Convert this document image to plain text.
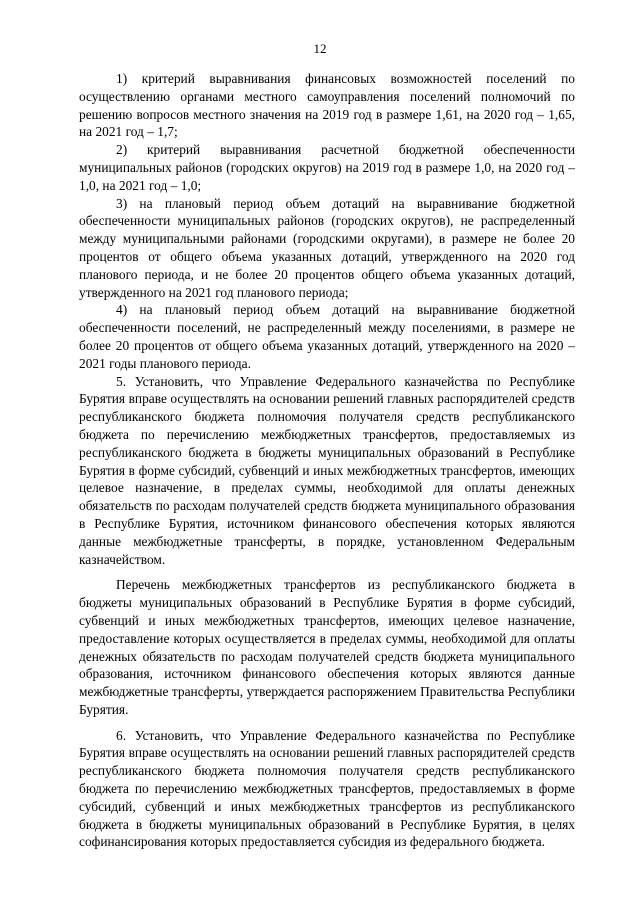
12

1) критерий выравнивания финансовых возможностей поселений по осуществлению органами местного самоуправления поселений полномочий по решению вопросов местного значения на 2019 год в размере 1,61, на 2020 год – 1,65, на 2021 год – 1,7;

2) критерий выравнивания расчетной бюджетной обеспеченности муниципальных районов (городских округов) на 2019 год в размере 1,0, на 2020 год – 1,0, на 2021 год – 1,0;

3) на плановый период объем дотаций на выравнивание бюджетной обеспеченности муниципальных районов (городских округов), не распределенный между муниципальными районами (городскими округами), в размере не более 20 процентов от общего объема указанных дотаций, утвержденного на 2020 год планового периода, и не более 20 процентов общего объема указанных дотаций, утвержденного на 2021 год планового периода;

4) на плановый период объем дотаций на выравнивание бюджетной обеспеченности поселений, не распределенный между поселениями, в размере не более 20 процентов от общего объема указанных дотаций, утвержденного на 2020 – 2021 годы планового периода.

5. Установить, что Управление Федерального казначейства по Республике Бурятия вправе осуществлять на основании решений главных распорядителей средств республиканского бюджета полномочия получателя средств республиканского бюджета по перечислению межбюджетных трансфертов, предоставляемых из республиканского бюджета в бюджеты муниципальных образований в Республике Бурятия в форме субсидий, субвенций и иных межбюджетных трансфертов, имеющих целевое назначение, в пределах суммы, необходимой для оплаты денежных обязательств по расходам получателей средств бюджета муниципального образования в Республике Бурятия, источником финансового обеспечения которых являются данные межбюджетные трансферты, в порядке, установленном Федеральным казначейством.

Перечень межбюджетных трансфертов из республиканского бюджета в бюджеты муниципальных образований в Республике Бурятия в форме субсидий, субвенций и иных межбюджетных трансфертов, имеющих целевое назначение, предоставление которых осуществляется в пределах суммы, необходимой для оплаты денежных обязательств по расходам получателей средств бюджета муниципального образования, источником финансового обеспечения которых являются данные межбюджетные трансферты, утверждается распоряжением Правительства Республики Бурятия.

6. Установить, что Управление Федерального казначейства по Республике Бурятия вправе осуществлять на основании решений главных распорядителей средств республиканского бюджета полномочия получателя средств республиканского бюджета по перечислению межбюджетных трансфертов, предоставляемых в форме субсидий, субвенций и иных межбюджетных трансфертов из республиканского бюджета в бюджеты муниципальных образований в Республике Бурятия, в целях софинансирования которых предоставляется субсидия из федерального бюджета.
